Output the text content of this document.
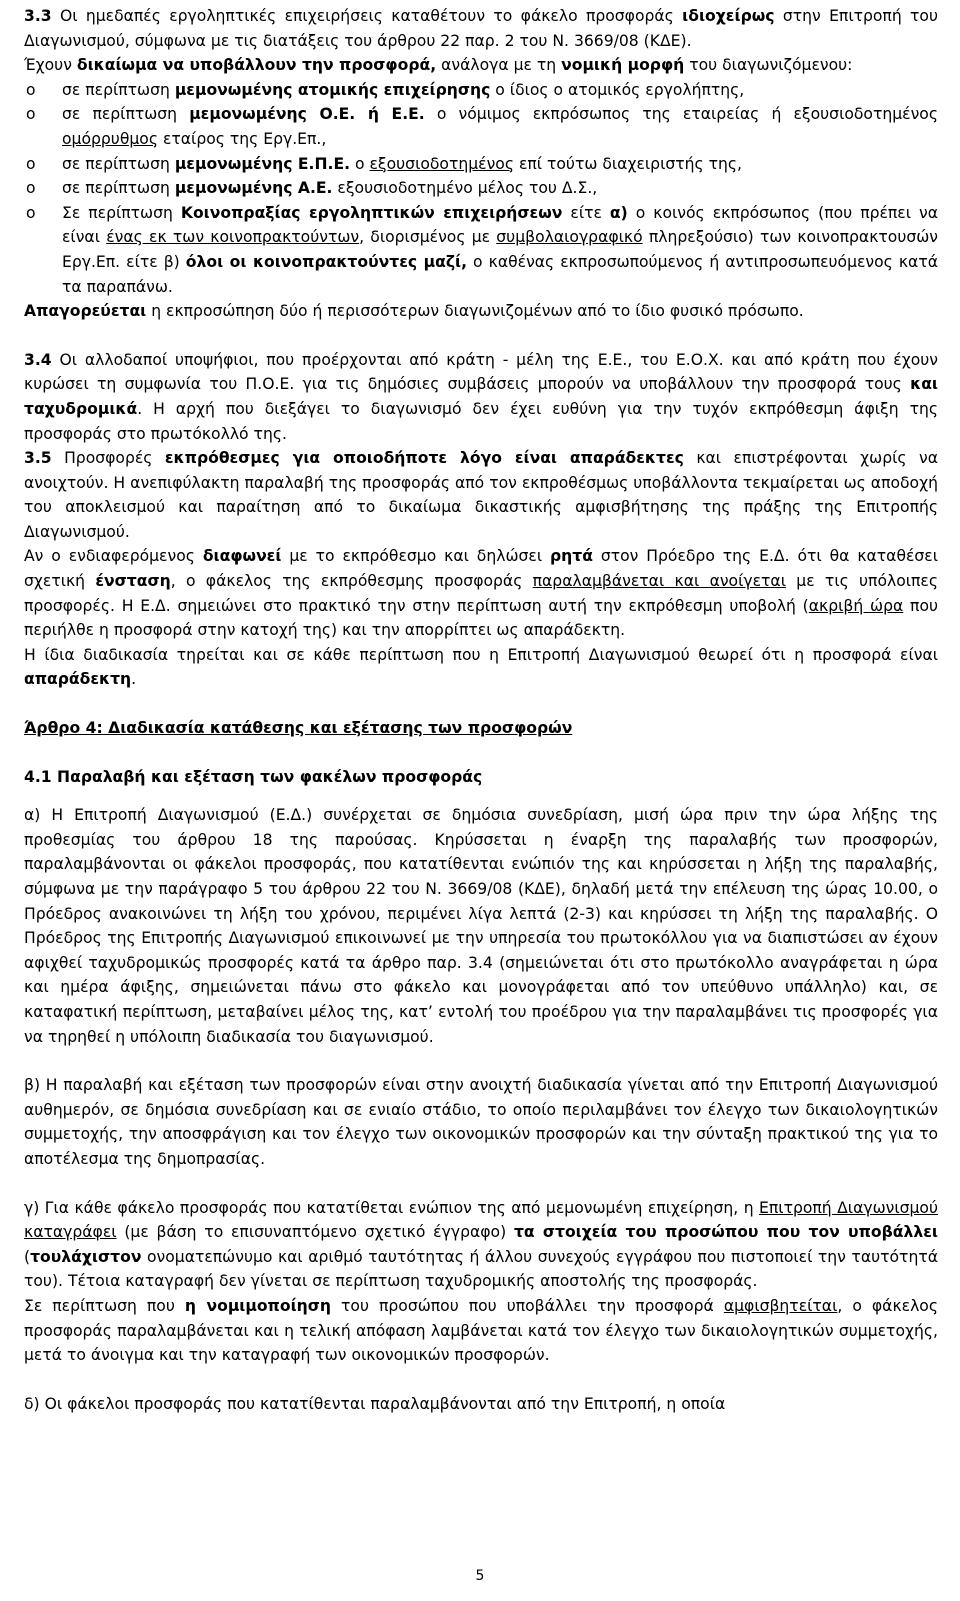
3.3 Οι ημεδαπές εργοληπτικές επιχειρήσεις καταθέτουν το φάκελο προσφοράς ιδιοχείρως στην Επιτροπή του Διαγωνισμού, σύμφωνα με τις διατάξεις του άρθρου 22 παρ. 2 του Ν. 3669/08 (ΚΔΕ).

Έχουν δικαίωμα να υποβάλλουν την προσφορά, ανάλογα με τη νομική μορφή του διαγωνιζόμενου:

o σε περίπτωση μεμονωμένης ατομικής επιχείρησης ο ίδιος ο ατομικός εργολήπτης,

o σε περίπτωση μεμονωμένης Ο.Ε. ή Ε.Ε. ο νόμιμος εκπρόσωπος της εταιρείας ή εξουσιοδοτημένος ομόρρυθμος εταίρος της Εργ.Επ.,

o σε περίπτωση μεμονωμένης Ε.Π.Ε. ο εξουσιοδοτημένος επί τούτω διαχειριστής της,

o σε περίπτωση μεμονωμένης Α.Ε. εξουσιοδοτημένο μέλος του Δ.Σ.,

o Σε περίπτωση Κοινοπραξίας εργοληπτικών επιχειρήσεων είτε α) ο κοινός εκπρόσωπος (που πρέπει να είναι ένας εκ των κοινοπρακτούντων, διορισμένος με συμβολαιογραφικό πληρεξούσιο) των κοινοπρακτουσών Εργ.Επ. είτε β) όλοι οι κοινοπρακτούντες μαζί, ο καθένας εκπροσωπούμενος ή αντιπροσωπευόμενος κατά τα παραπάνω.

Απαγορεύεται η εκπροσώπηση δύο ή περισσότερων διαγωνιζομένων από το ίδιο φυσικό πρόσωπο.

3.4 Οι αλλοδαποί υποψήφιοι, που προέρχονται από κράτη - μέλη της Ε.Ε., του Ε.Ο.Χ. και από κράτη που έχουν κυρώσει τη συμφωνία του Π.Ο.Ε. για τις δημόσιες συμβάσεις μπορούν να υποβάλλουν την προσφορά τους και ταχυδρομικά. Η αρχή που διεξάγει το διαγωνισμό δεν έχει ευθύνη για την τυχόν εκπρόθεσμη άφιξη της προσφοράς στο πρωτόκολλό της.

3.5 Προσφορές εκπρόθεσμες για οποιοδήποτε λόγο είναι απαράδεκτες και επιστρέφονται χωρίς να ανοιχτούν. Η ανεπιφύλακτη παραλαβή της προσφοράς από τον εκπροθέσμως υποβάλλοντα τεκμαίρεται ως αποδοχή του αποκλεισμού και παραίτηση από το δικαίωμα δικαστικής αμφισβήτησης της πράξης της Επιτροπής Διαγωνισμού.

Αν ο ενδιαφερόμενος διαφωνεί με το εκπρόθεσμο και δηλώσει ρητά στον Πρόεδρο της Ε.Δ. ότι θα καταθέσει σχετική ένσταση, ο φάκελος της εκπρόθεσμης προσφοράς παραλαμβάνεται και ανοίγεται με τις υπόλοιπες προσφορές. Η Ε.Δ. σημειώνει στο πρακτικό την στην περίπτωση αυτή την εκπρόθεσμη υποβολή (ακριβή ώρα που περιήλθε η προσφορά στην κατοχή της) και την απορρίπτει ως απαράδεκτη.

Η ίδια διαδικασία τηρείται και σε κάθε περίπτωση που η Επιτροπή Διαγωνισμού θεωρεί ότι η προσφορά είναι απαράδεκτη.

Άρθρο 4: Διαδικασία κατάθεσης και εξέτασης των προσφορών
4.1 Παραλαβή και εξέταση των φακέλων προσφοράς

α) Η Επιτροπή Διαγωνισμού (Ε.Δ.) συνέρχεται σε δημόσια συνεδρίαση, μισή ώρα πριν την ώρα λήξης της προθεσμίας του άρθρου 18 της παρούσας. Κηρύσσεται η έναρξη της παραλαβής των προσφορών, παραλαμβάνονται οι φάκελοι προσφοράς, που κατατίθενται ενώπιόν της και κηρύσσεται η λήξη της παραλαβής, σύμφωνα με την παράγραφο 5 του άρθρου 22 του Ν. 3669/08 (ΚΔΕ), δηλαδή μετά την επέλευση της ώρας 10.00, ο Πρόεδρος ανακοινώνει τη λήξη του χρόνου, περιμένει λίγα λεπτά (2-3) και κηρύσσει τη λήξη της παραλαβής. Ο Πρόεδρος της Επιτροπής Διαγωνισμού επικοινωνεί με την υπηρεσία του πρωτοκόλλου για να διαπιστώσει αν έχουν αφιχθεί ταχυδρομικώς προσφορές κατά τα άρθρο παρ. 3.4 (σημειώνεται ότι στο πρωτόκολλο αναγράφεται η ώρα και ημέρα άφιξης, σημειώνεται πάνω στο φάκελο και μονογράφεται από τον υπεύθυνο υπάλληλο) και, σε καταφατική περίπτωση, μεταβαίνει μέλος της, κατ’ εντολή του προέδρου για την παραλαμβάνει τις προσφορές για να τηρηθεί η υπόλοιπη διαδικασία του διαγωνισμού.

β) Η παραλαβή και εξέταση των προσφορών είναι στην ανοιχτή διαδικασία γίνεται από την Επιτροπή Διαγωνισμού αυθημερόν, σε δημόσια συνεδρίαση και σε ενιαίο στάδιο, το οποίο περιλαμβάνει τον έλεγχο των δικαιολογητικών συμμετοχής, την αποσφράγιση και τον έλεγχο των οικονομικών προσφορών και την σύνταξη πρακτικού της για το αποτέλεσμα της δημοπρασίας.

γ) Για κάθε φάκελο προσφοράς που κατατίθεται ενώπιον της από μεμονωμένη επιχείρηση, η Επιτροπή Διαγωνισμού καταγράφει (με βάση το επισυναπτόμενο σχετικό έγγραφο) τα στοιχεία του προσώπου που τον υποβάλλει (τουλάχιστον ονοματεπώνυμο και αριθμό ταυτότητας ή άλλου συνεχούς εγγράφου που πιστοποιεί την ταυτότητά του). Τέτοια καταγραφή δεν γίνεται σε περίπτωση ταχυδρομικής αποστολής της προσφοράς.

Σε περίπτωση που η νομιμοποίηση του προσώπου που υποβάλλει την προσφορά αμφισβητείται, ο φάκελος προσφοράς παραλαμβάνεται και η τελική απόφαση λαμβάνεται κατά τον έλεγχο των δικαιολογητικών συμμετοχής, μετά το άνοιγμα και την καταγραφή των οικονομικών προσφορών.

δ) Οι φάκελοι προσφοράς που κατατίθενται παραλαμβάνονται από την Επιτροπή, η οποία

5
